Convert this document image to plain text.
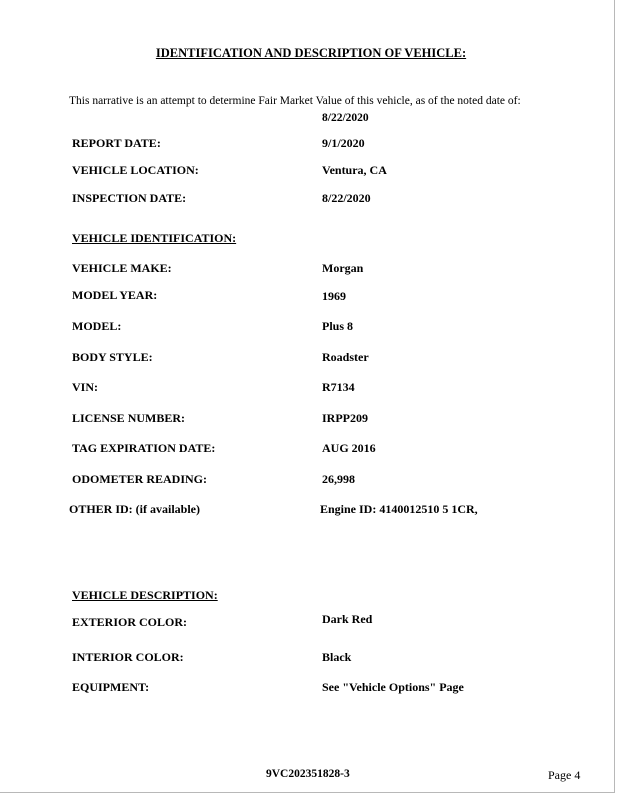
IDENTIFICATION AND DESCRIPTION OF VEHICLE:
This narrative is an attempt to determine Fair Market Value of this vehicle, as of the noted date of:
8/22/2020
REPORT DATE:	9/1/2020
VEHICLE LOCATION:	Ventura, CA
INSPECTION DATE:	8/22/2020
VEHICLE IDENTIFICATION:
VEHICLE MAKE:	Morgan
MODEL YEAR:	1969
MODEL:	Plus 8
BODY STYLE:	Roadster
VIN:	R7134
LICENSE NUMBER:	IRPP209
TAG EXPIRATION DATE:	AUG 2016
ODOMETER READING:	26,998
OTHER ID: (if available)	Engine ID: 4140012510 5 1CR,
VEHICLE DESCRIPTION:
EXTERIOR COLOR:	Dark Red
INTERIOR COLOR:	Black
EQUIPMENT:	See "Vehicle Options" Page
9VC202351828-3	Page 4
